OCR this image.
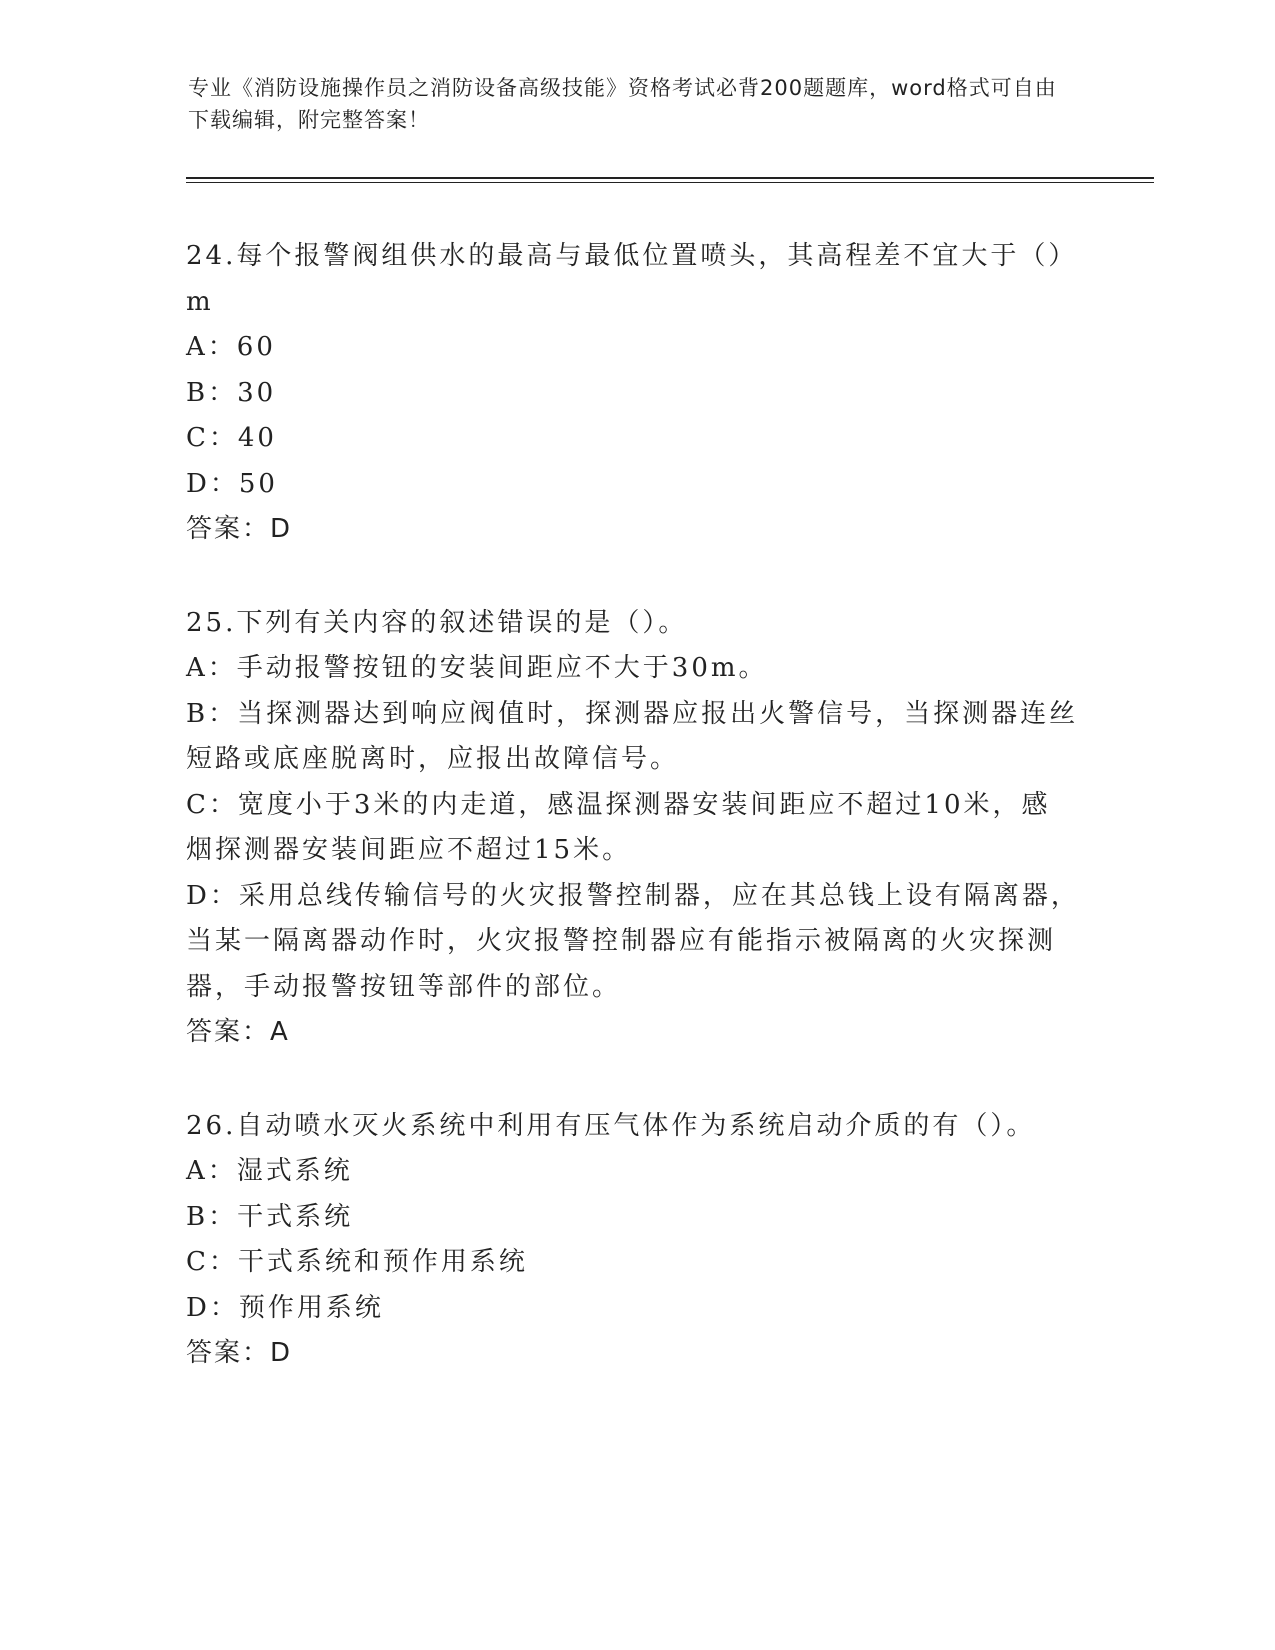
专业《消防设施操作员之消防设备高级技能》资格考试必背200题题库，word格式可自由下载编辑，附完整答案！
24.每个报警阀组供水的最高与最低位置喷头，其高程差不宜大于（）
m
A：60
B：30
C：40
D：50
答案：D
25.下列有关内容的叙述错误的是（）。
A：手动报警按钮的安装间距应不大于30m。
B：当探测器达到响应阀值时，探测器应报出火警信号，当探测器连丝
短路或底座脱离时，应报出故障信号。
C：宽度小于3米的内走道，感温探测器安装间距应不超过10米，感
烟探测器安装间距应不超过15米。
D：采用总线传输信号的火灾报警控制器，应在其总钱上设有隔离器，
当某一隔离器动作时，火灾报警控制器应有能指示被隔离的火灾探测
器，手动报警按钮等部件的部位。
答案：A
26.自动喷水灭火系统中利用有压气体作为系统启动介质的有（）。
A：湿式系统
B：干式系统
C：干式系统和预作用系统
D：预作用系统
答案：D
